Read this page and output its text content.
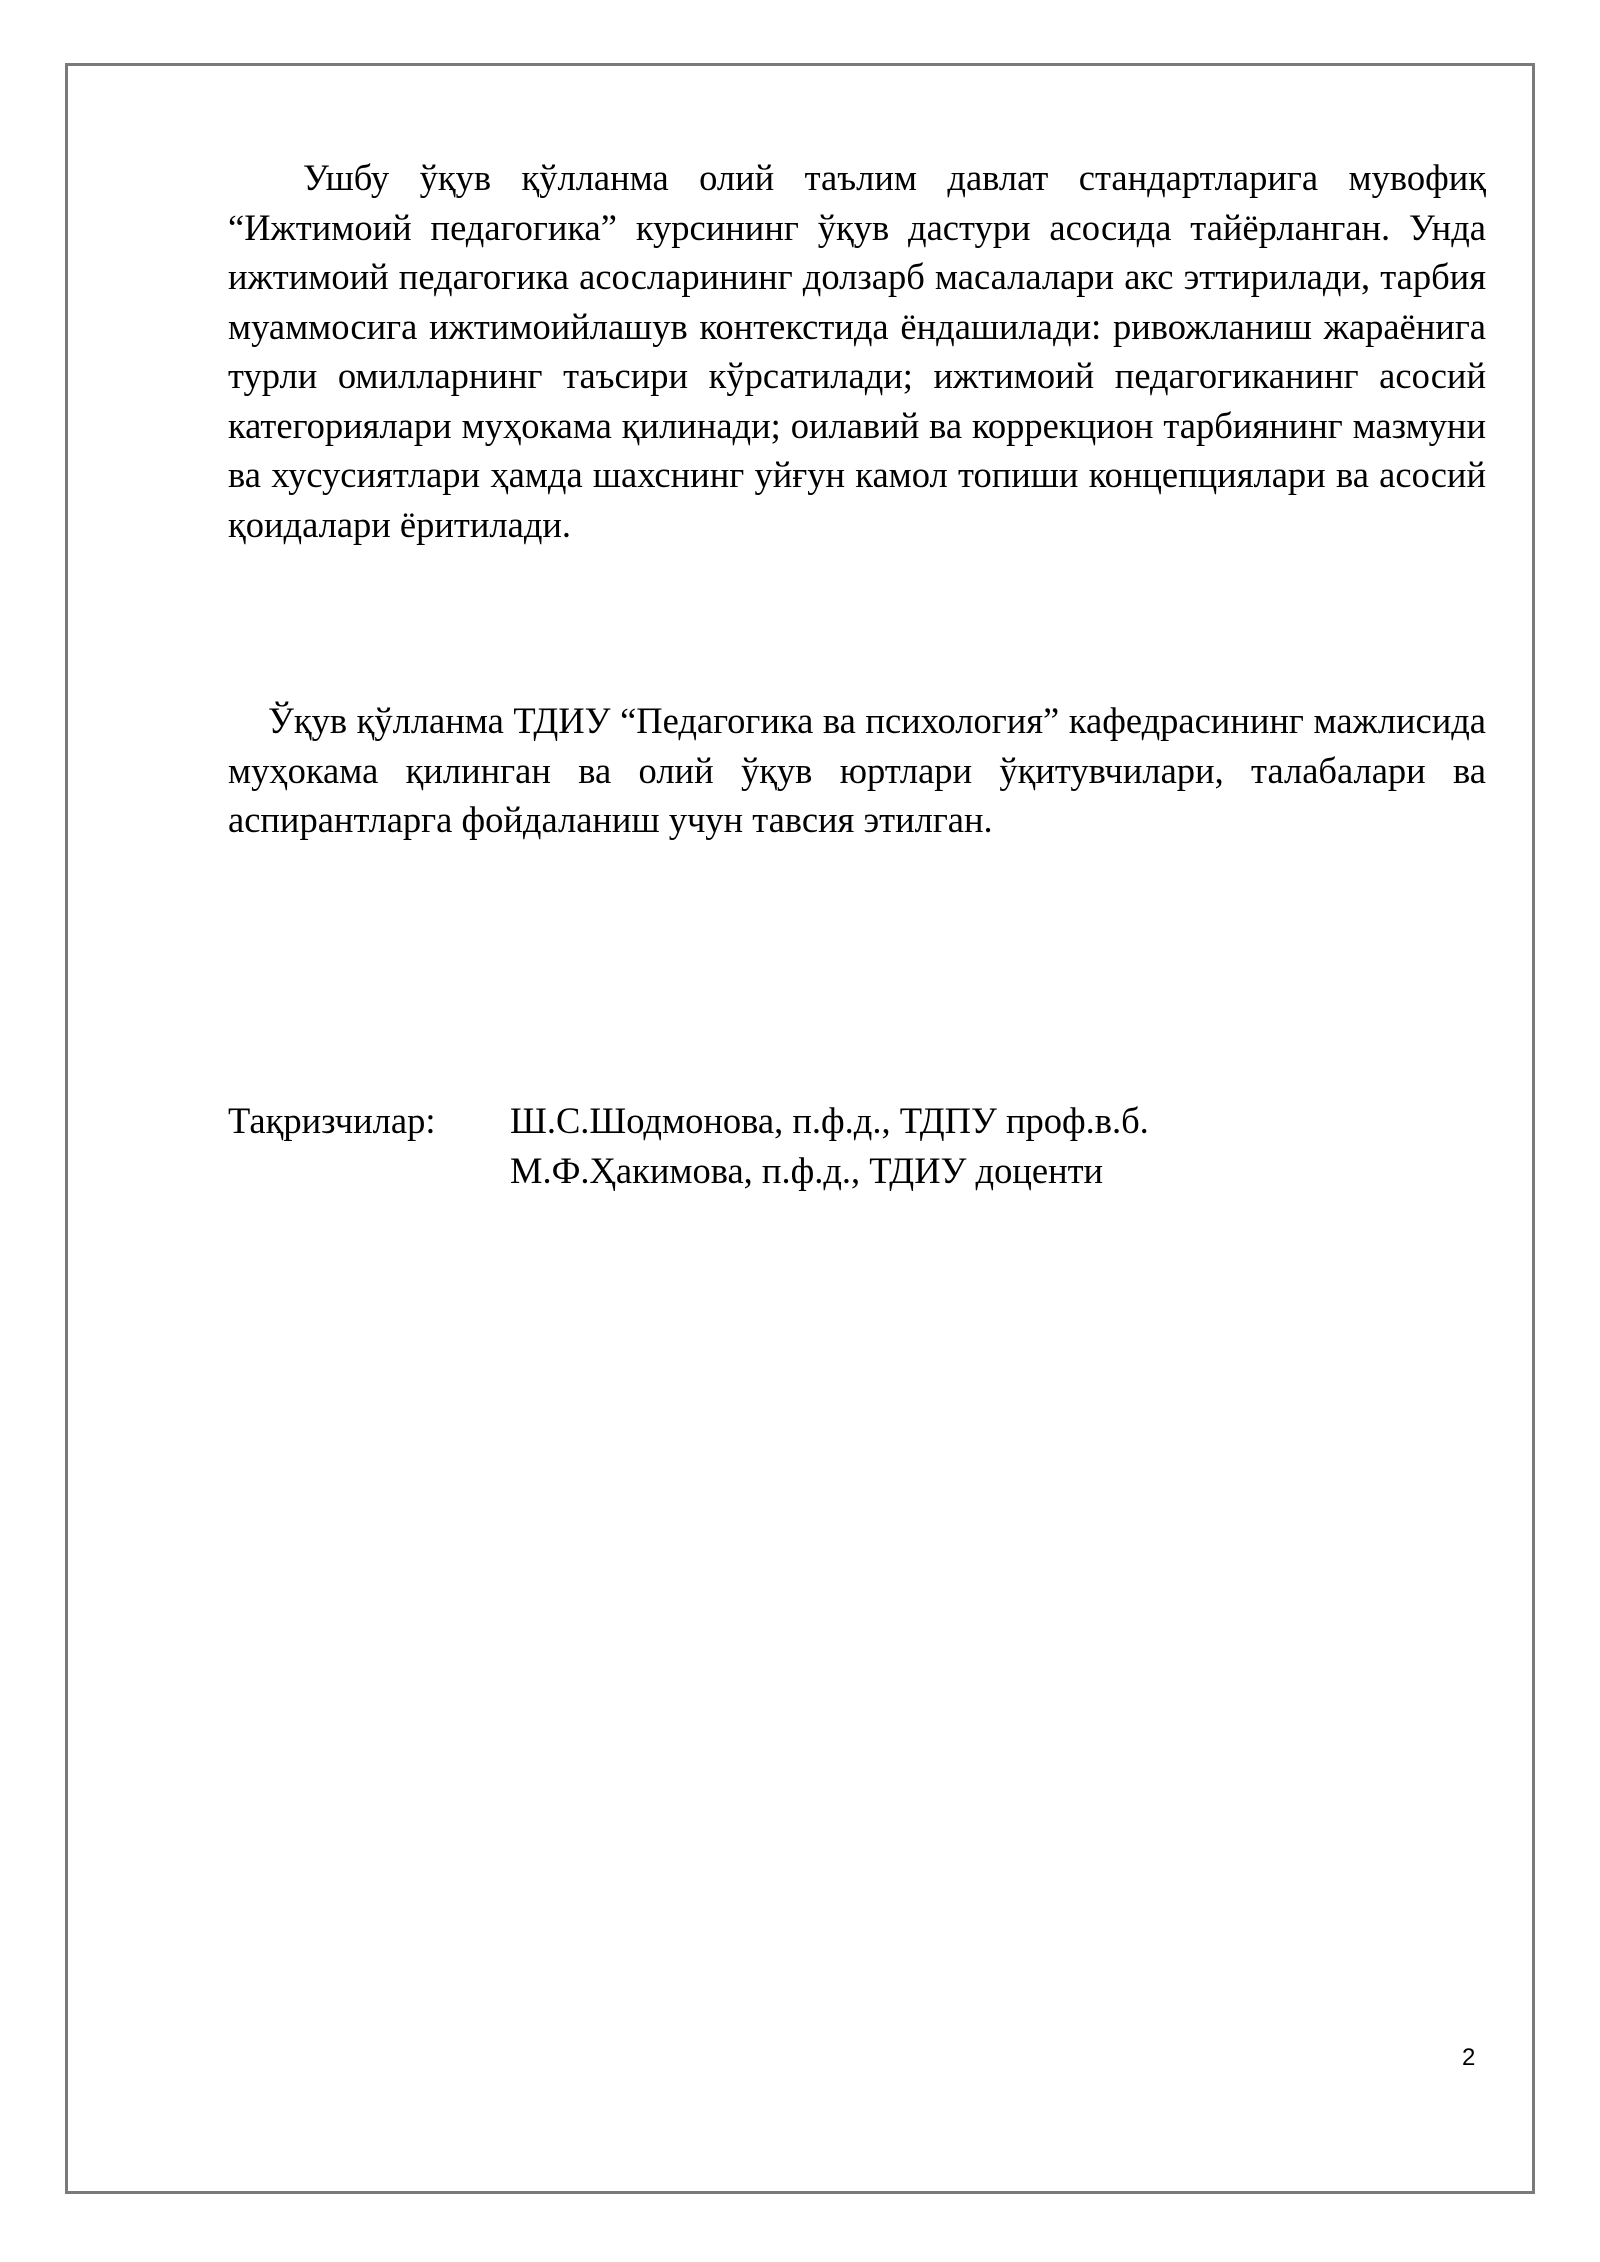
Ушбу ўқув қўлланма олий таълим давлат стандартларига мувофиқ “Ижтимоий педагогика” курсининг ўқув дастури асосида тайёрланган. Унда ижтимоий педагогика асосларининг долзарб масалалари акс эттирилади, тарбия муаммосига ижтимоийлашув контекстида ёндашилади: ривожланиш жараёнига турли омилларнинг таъсири кўрсатилади; ижтимоий педагогиканинг асосий категориялари муҳокама қилинади; оилавий ва коррекцион тарбиянинг мазмуни ва хусусиятлари ҳамда шахснинг уйғун камол топиши концепциялари ва асосий қоидалари ёритилади.

Ўқув қўлланма ТДИУ “Педагогика ва психология” кафедрасининг мажлисида муҳокама қилинган ва олий ўқув юртлари ўқитувчилари, талабалари ва аспирантларга фойдаланиш учун тавсия этилган.

Тақризчилар: Ш.С.Шодмонова, п.ф.д., ТДПУ проф.в.б.
М.Ф.Ҳакимова, п.ф.д., ТДИУ доценти
2
